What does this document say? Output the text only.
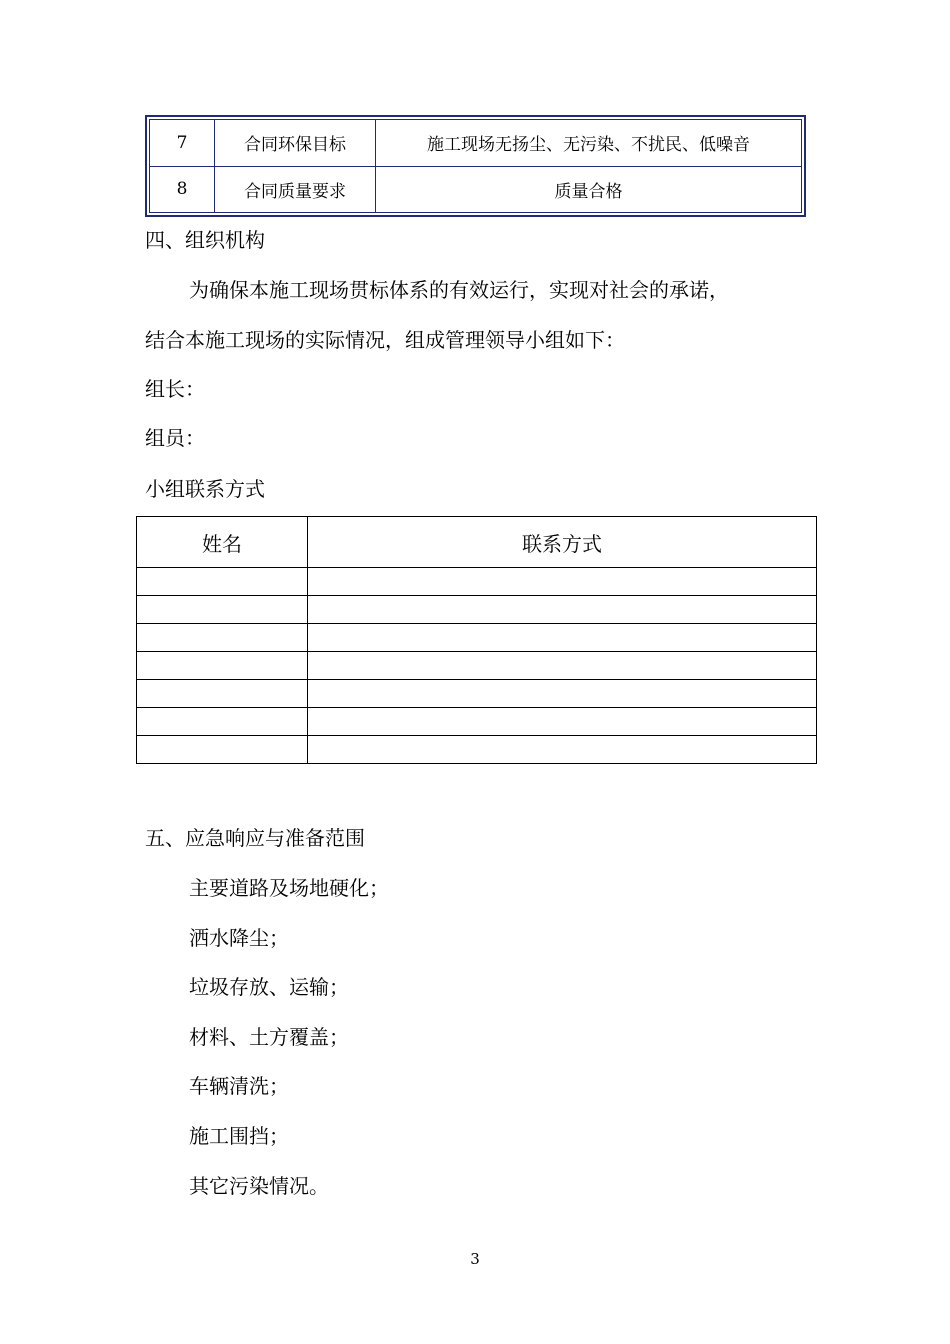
7	合同环保目标	施工现场无扬尘、无污染、不扰民、低噪音
8	合同质量要求	质量合格
四、组织机构
为确保本施工现场贯标体系的有效运行，实现对社会的承诺，
结合本施工现场的实际情况，组成管理领导小组如下：
组长：
组员：
小组联系方式
姓名	联系方式

五、应急响应与准备范围
主要道路及场地硬化；
洒水降尘；
垃圾存放、运输；
材料、土方覆盖；
车辆清洗；
施工围挡；
其它污染情况。
3
